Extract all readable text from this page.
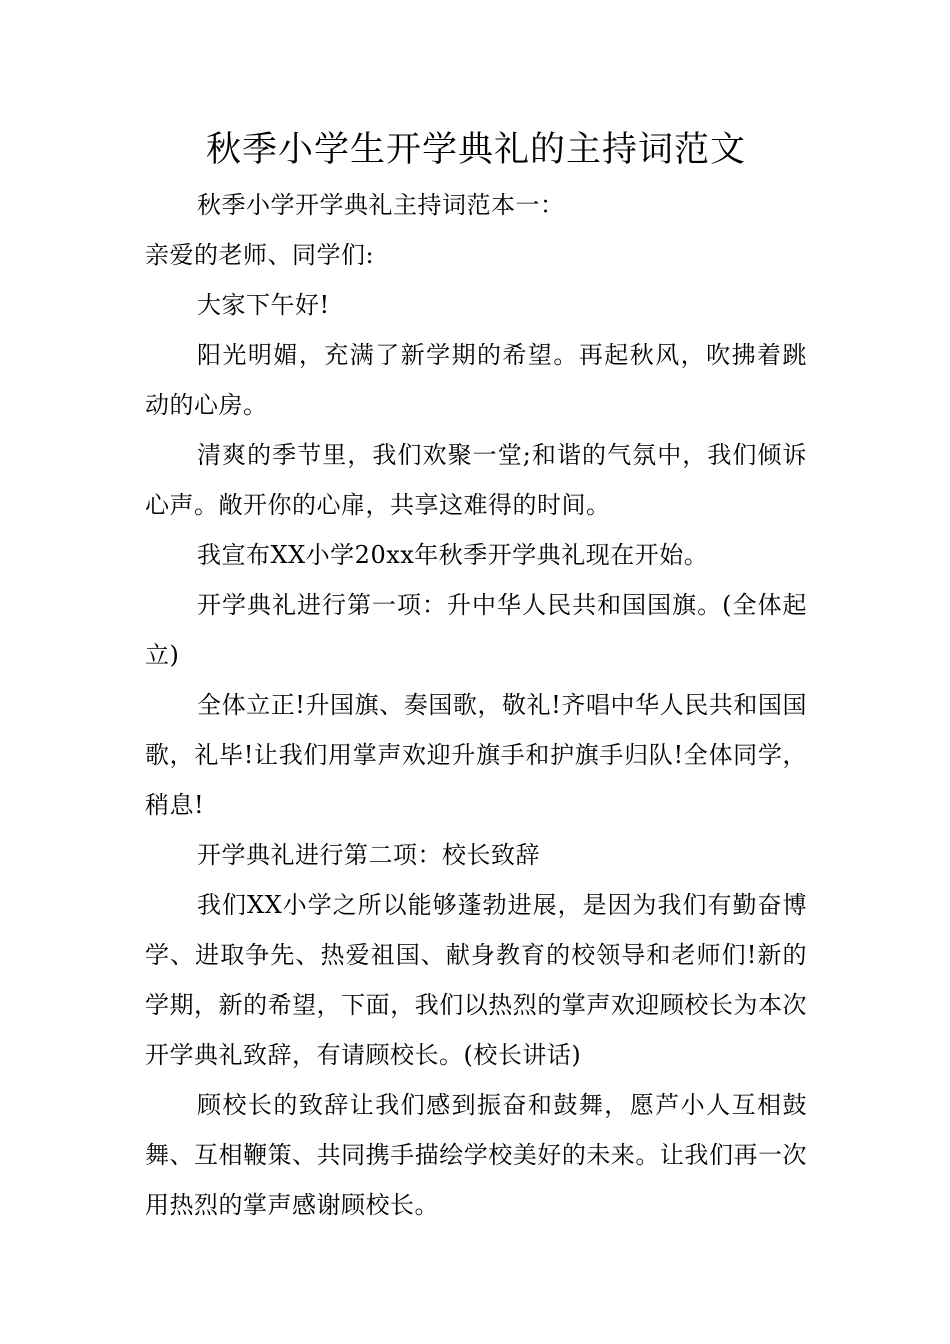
秋季小学生开学典礼的主持词范文

秋季小学开学典礼主持词范本一：

亲爱的老师、同学们:

大家下午好!

阳光明媚，充满了新学期的希望。再起秋风，吹拂着跳动的心房。

清爽的季节里，我们欢聚一堂;和谐的气氛中，我们倾诉心声。敞开你的心扉，共享这难得的时间。

我宣布XX小学20xx年秋季开学典礼现在开始。

开学典礼进行第一项：升中华人民共和国国旗。(全体起立)

全体立正!升国旗、奏国歌，敬礼!齐唱中华人民共和国国歌，礼毕!让我们用掌声欢迎升旗手和护旗手归队!全体同学，稍息!

开学典礼进行第二项：校长致辞

我们XX小学之所以能够蓬勃进展，是因为我们有勤奋博学、进取争先、热爱祖国、献身教育的校领导和老师们!新的学期，新的希望，下面，我们以热烈的掌声欢迎顾校长为本次开学典礼致辞，有请顾校长。(校长讲话)

顾校长的致辞让我们感到振奋和鼓舞，愿芦小人互相鼓舞、互相鞭策、共同携手描绘学校美好的未来。让我们再一次用热烈的掌声感谢顾校长。
